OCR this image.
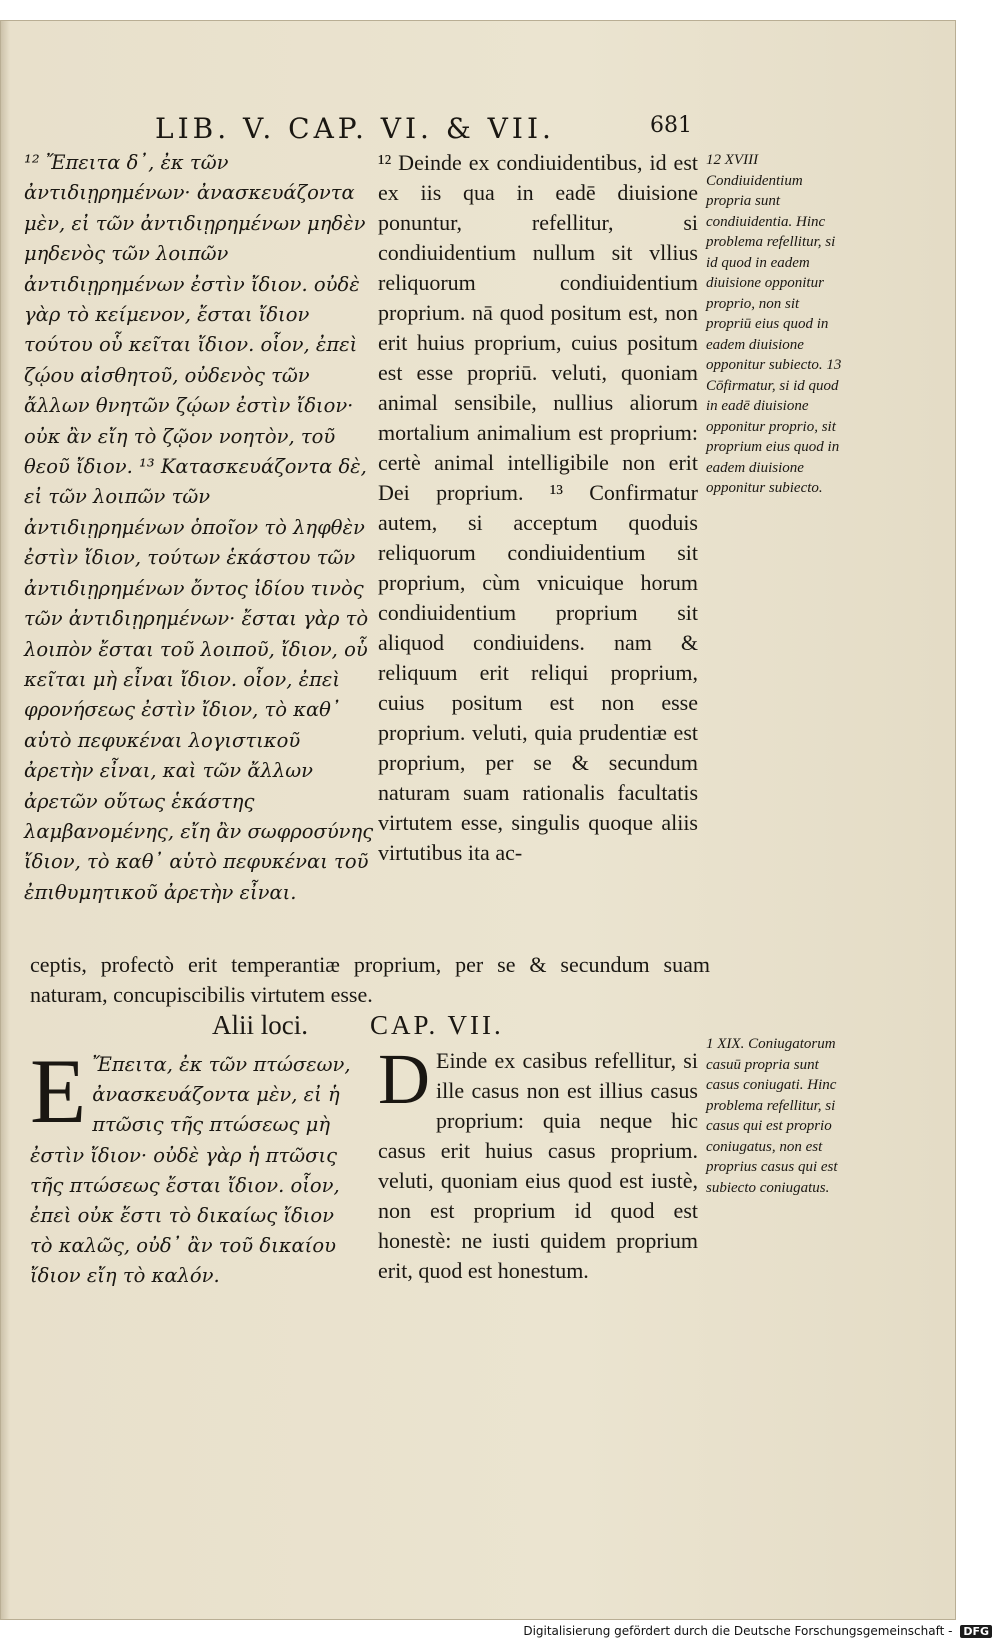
LIB. V. CAP. VI. & VII.	681

¹² Ἔπειτα δ᾽, ἐκ τῶν ἀντιδιῃρημένων· ἀνασκευάζοντα μὲν, εἰ τῶν ἀντιδιῃρημένων μηδὲν μηδενὸς τῶν λοιπῶν ἀντιδιῃρημένων ἐστὶν ἴδιον. οὐδὲ γὰρ τὸ κείμενον, ἔσται ἴδιον τούτου οὗ κεῖται ἴδιον. οἷον, ἐπεὶ ζῴου αἰσθητοῦ, οὐδενὸς τῶν ἄλλων θνητῶν ζῴων ἐστὶν ἴδιον· οὐκ ἂν εἴη τὸ ζῷον νοητὸν, τοῦ θεοῦ ἴδιον. ¹³ Κατασκευάζοντα δὲ, εἰ τῶν λοιπῶν τῶν ἀντιδιῃρημένων ὁποῖον τὸ ληφθὲν ἐστὶν ἴδιον, τούτων ἑκάστου τῶν ἀντιδιῃρημένων ὄντος ἰδίου τινὸς τῶν ἀντιδιῃρημένων· ἔσται γὰρ τὸ λοιπὸν ἔσται τοῦ λοιποῦ, ἴδιον, οὗ κεῖται μὴ εἶναι ἴδιον. οἷον, ἐπεὶ φρονήσεως ἐστὶν ἴδιον, τὸ καθ᾽ αὑτὸ πεφυκέναι λογιστικοῦ ἀρετὴν εἶναι, καὶ τῶν ἄλλων ἀρετῶν οὕτως ἑκάστης λαμβανομένης, εἴη ἂν σωφροσύνης ἴδιον, τὸ καθ᾽ αὑτὸ πεφυκέναι τοῦ ἐπιθυμητικοῦ ἀρετὴν εἶναι.

¹² Deinde ex condiuidentibus, id est ex iis qua in eadē diuisione ponuntur, refellitur, si condiuidentium nullum sit vllius reliquorum condiuidentium proprium. nā quod positum est, non erit huius proprium, cuius positum est esse propriū. veluti, quoniam animal sensibile, nullius aliorum mortalium animalium est proprium: certè animal intelligibile non erit Dei proprium. ¹³ Confirmatur autem, si acceptum quoduis reliquorum condiuidentium sit proprium, cùm vnicuique horum condiuidentium proprium sit aliquod condiuidens. nam & reliquum erit reliqui proprium, cuius positum est non esse proprium. veluti, quia prudentiæ est proprium, per se & secundum naturam suam rationalis facultatis virtutem esse, singulis quoque aliis virtutibus ita ac-

12 XVIII Condiuidentium propria sunt condiuidentia. Hinc problema refellitur, si id quod in eadem diuisione opponitur proprio, non sit propriū eius quod in eadem diuisione opponitur subiecto. 13 Cōfirmatur, si id quod in eadē diuisione opponitur proprio, sit proprium eius quod in eadem diuisione opponitur subiecto.

ceptis, profectò erit temperantiæ proprium, per se & secundum suam naturam, concupiscibilis virtutem esse.
Alii loci. CAP. VII.
Ε Ἔπειτα, ἐκ τῶν πτώσεων, ἀνασκευάζοντα μὲν, εἰ ἡ πτῶσις τῆς πτώσεως μὴ ἐστὶν ἴδιον· οὐδὲ γὰρ ἡ πτῶσις τῆς πτώσεως ἔσται ἴδιον. οἷον, ἐπεὶ οὐκ ἔστι τὸ δικαίως ἴδιον τὸ καλῶς, οὐδ᾽ ἂν τοῦ δικαίου ἴδιον εἴη τὸ καλόν.
D Einde ex casibus refellitur, si ille casus non est illius casus proprium: quia neque hic casus erit huius casus proprium. veluti, quoniam eius quod est iustè, non est proprium id quod est honestè: ne iusti quidem proprium erit, quod est honestum.

1 XIX. Coniugatorum casuū propria sunt casus coniugati. Hinc problema refellitur, si casus qui est proprio coniugatus, non est proprius casus qui est subiecto coniugatus.

Digitalisierung gefördert durch die Deutsche Forschungsgemeinschaft - DFG
